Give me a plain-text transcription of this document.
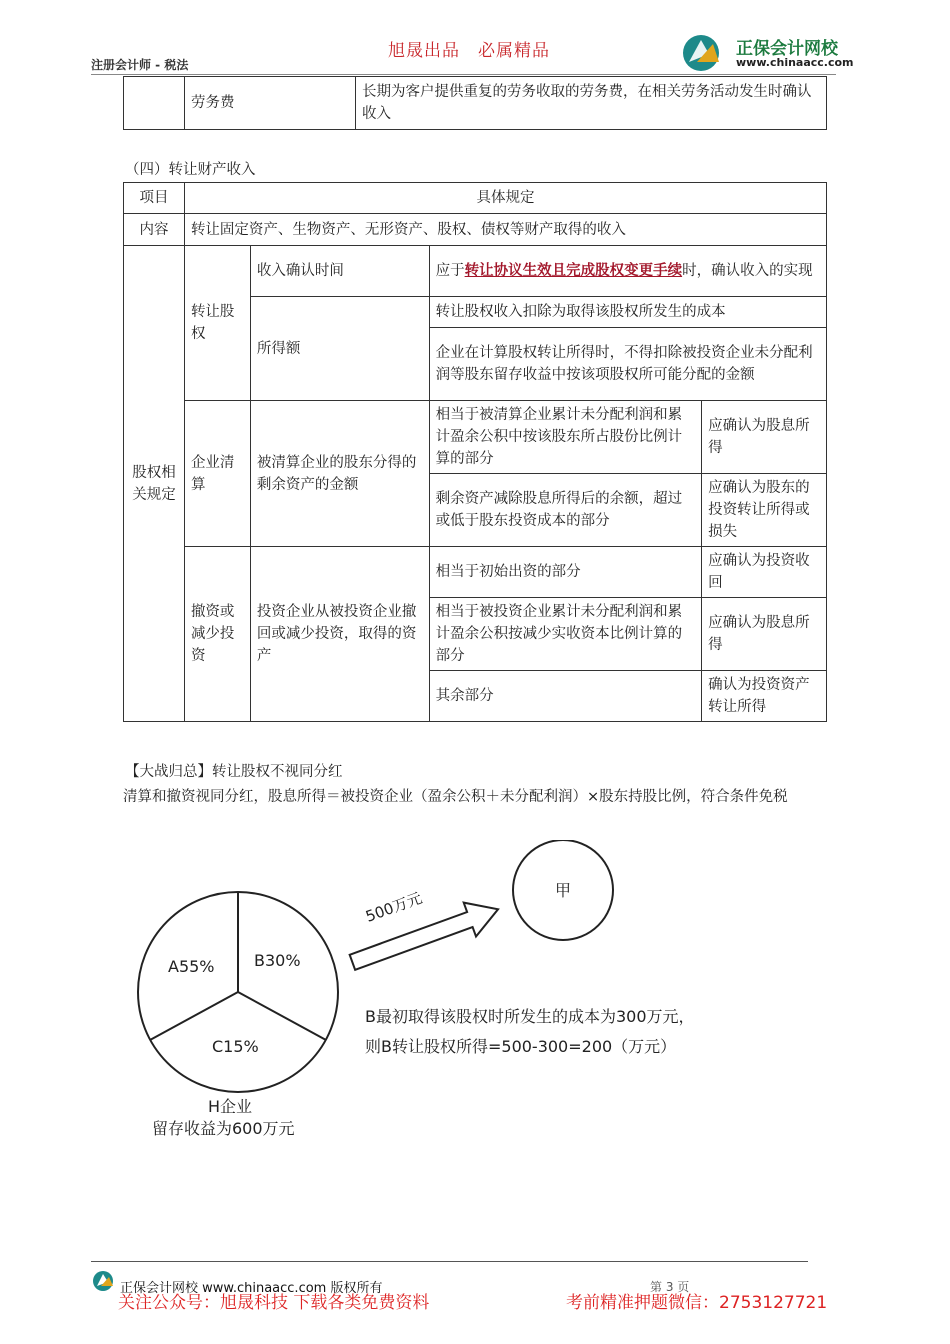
注册会计师 - 税法
旭晟出品　必属精品	正保会计网校
www.chinaacc.com
	劳务费	长期为客户提供重复的劳务收取的劳务费，在相关劳务活动发生时确认收入
（四）转让财产收入
项目	具体规定			
内容	转让固定资产、生物资产、无形资产、股权、债权等财产取得的收入			
股权相关规定	转让股权	收入确认时间	应于转让协议生效且完成股权变更手续时，确认收入的实现	
		所得额	转让股权收入扣除为取得该股权所发生的成本	
			企业在计算股权转让所得时，不得扣除被投资企业未分配利润等股东留存收益中按该项股权所可能分配的金额	
	企业清算	被清算企业的股东分得的剩余资产的金额	相当于被清算企业累计未分配利润和累计盈余公积中按该股东所占股份比例计算的部分	应确认为股息所得
			剩余资产减除股息所得后的余额，超过或低于股东投资成本的部分	应确认为股东的投资转让所得或损失
	撤资或减少投资	投资企业从被投资企业撤回或减少投资，取得的资产	相当于初始出资的部分	应确认为投资收回
			相当于被投资企业累计未分配利润和累计盈余公积按减少实收资本比例计算的部分	应确认为股息所得
			其余部分	确认为投资资产转让所得
【大战归总】转让股权不视同分红
清算和撤资视同分红，股息所得＝被投资企业（盈余公积＋未分配利润）×股东持股比例，符合条件免税
A55% B30%
C15%
500万元	甲
B最初取得该股权时所发生的成本为300万元，
则B转让股权所得=500-300=200（万元）
H企业
留存收益为600万元
正保会计网校 www.chinaacc.com 版权所有	第 3 页
关注公众号：旭晟科技 下载各类免费资料	考前精准押题微信：2753127721
